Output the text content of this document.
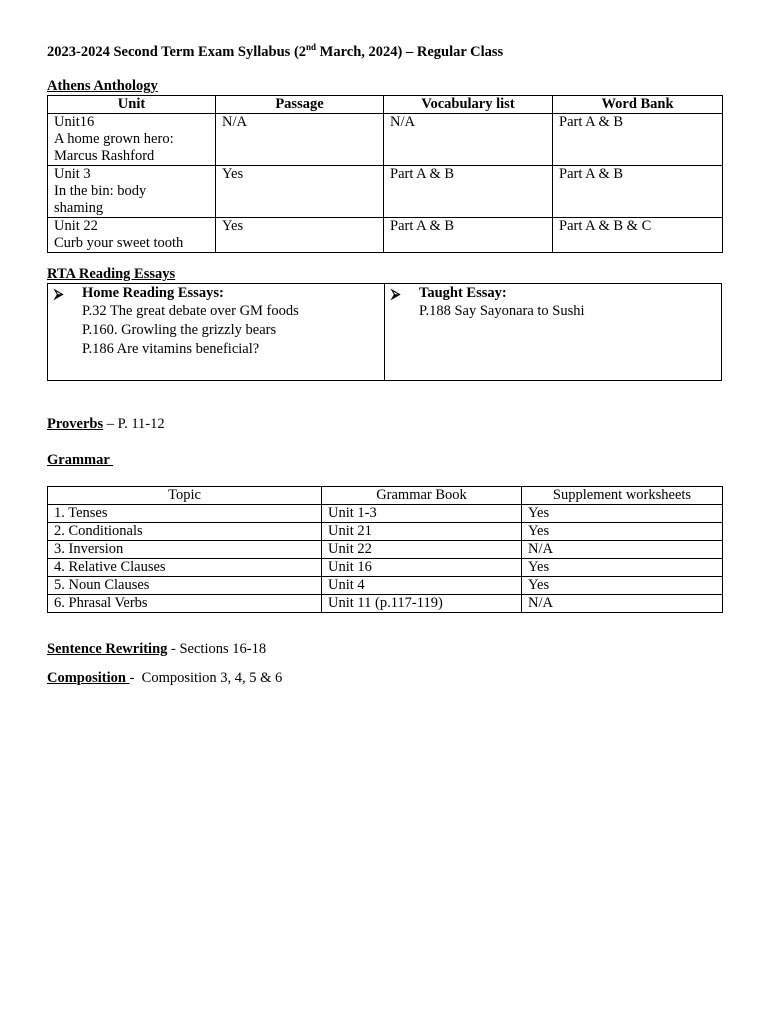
2023-2024 Second Term Exam Syllabus (2nd March, 2024) – Regular Class
Athens Anthology
Unit	Passage	Vocabulary list	Word Bank

Unit16
A home grown hero:
Marcus Rashford	N/A	N/A	Part A & B

Unit 3
In the bin: body
shaming	Yes	Part A & B	Part A & B

Unit 22
Curb your sweet tooth	Yes	Part A & B	Part A & B & C
RTA Reading Essays
⮚	Home Reading Essays:
P.32 The great debate over GM foods
P.160. Growling the grizzly bears
P.186 Are vitamins beneficial?
⮚	Taught Essay:
P.188 Say Sayonara to Sushi
Proverbs – P. 11-12
Grammar
Topic	Grammar Book	Supplement worksheets
1. Tenses	Unit 1-3	Yes
2. Conditionals	Unit 21	Yes
3. Inversion	Unit 22	N/A
4. Relative Clauses	Unit 16	Yes
5. Noun Clauses	Unit 4	Yes
6. Phrasal Verbs	Unit 11 (p.117-119)	N/A
Sentence Rewriting - Sections 16-18
Composition -  Composition 3, 4, 5 & 6
